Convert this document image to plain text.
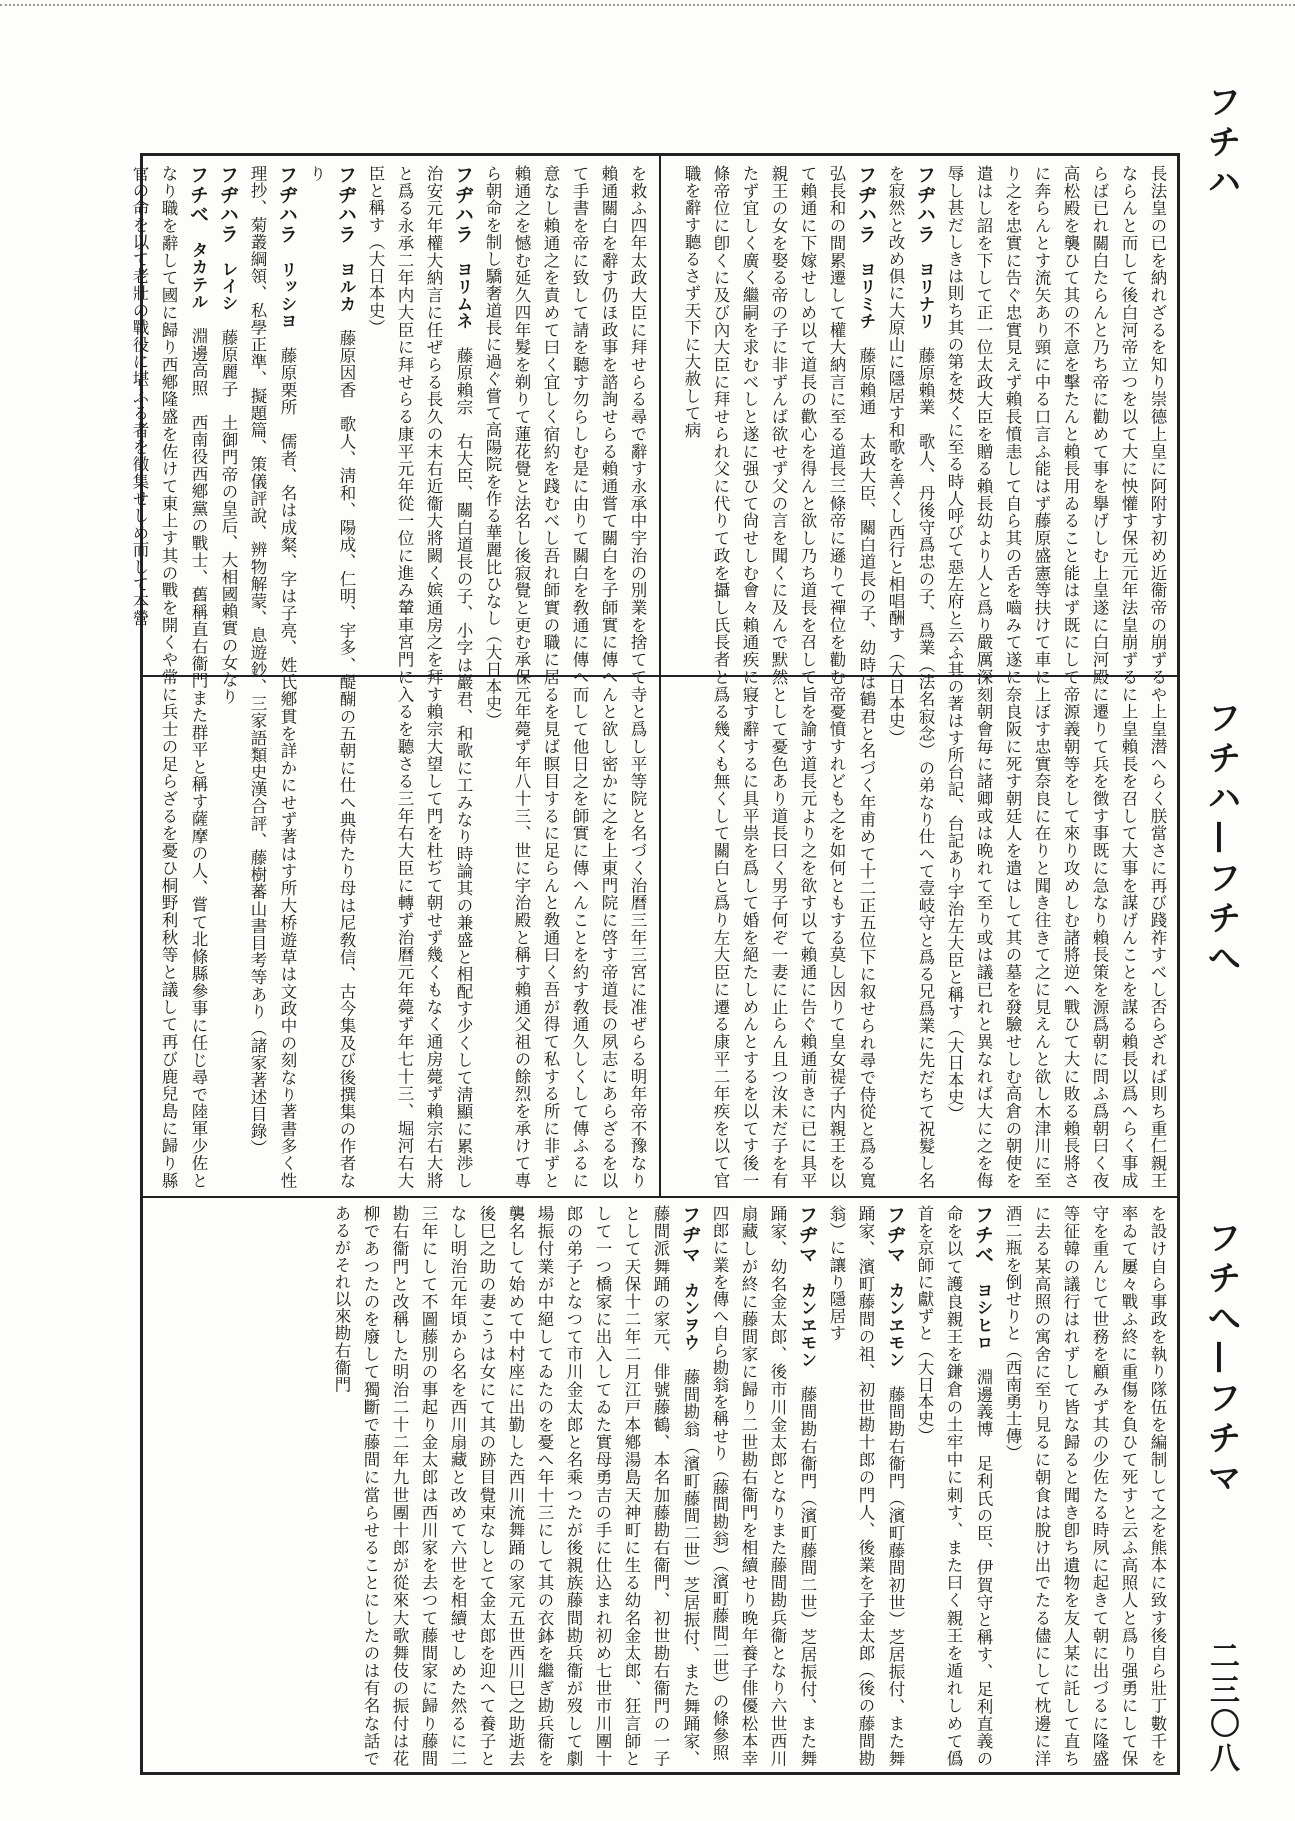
フチハ
フチハ—フチへ
フチへ—フチマ
二三〇八

長法皇の已を納れざるを知り崇德上皇に阿附す初め近衞帝の崩ずるや上皇潜へらく朕當さに再び踐祚すべし否らざれば則ち重仁親王ならんと而して後白河帝立つを以て大に怏懽す保元元年法皇崩ずるに上皇賴長を召して大事を謀げんことを謀る賴長以爲へらく事成らば已れ關白たらんと乃ち帝に勸めて事を擧げしむ上皇遂に白河殿に遷りて兵を徴す事既に急なり賴長策を源爲朝に問ふ爲朝曰く夜高松殿を襲ひて其の不意を擊たんと賴長用ゐること能はず既にして帝源義朝等をして來り攻めしむ諸將逆へ戰ひて大に敗る賴長將さに奔らんとす流矢あり頸に中る口言ふ能はず藤原盛憲等扶けて車に上ぼす忠實奈良に在りと聞き往きて之に見えんと欲し木津川に至り之を忠實に告ぐ忠實見えず賴長憤恚して自ら其の舌を嚙みて遂に奈良阪に死す朝廷人を遣はして其の墓を發驗せしむ高倉の朝使を遣はし詔を下して正一位太政大臣を贈る賴長幼より人と爲り嚴厲深刻朝會毎に諸卿或は晩れて至り或は議已れと異なれば大に之を侮辱し甚だしきは則ち其の第を焚くに至る時人呼びて惡左府と云ふ其の著はす所台記、台記あり宇治左大臣と稱す（大日本史）

フヂハラ　ヨリナリ　藤原賴業　歌人、丹後守爲忠の子、爲業（法名寂念）の弟なり仕へて壹岐守と爲る兄爲業に先だちて祝髮し名を寂然と改め俱に大原山に隱居す和歌を善くし西行と相唱酬す（大日本史）

フヂハラ　ヨリミチ　藤原賴通　太政大臣、關白道長の子、幼時は鶴君と名づく年甫めて十二正五位下に叙せられ尋で侍從と爲る寬弘長和の間累遷して權大納言に至る道長三條帝に遜りて禪位を勸む帝憂憤すれども之を如何ともする莫し因りて皇女禔子内親王を以て賴通に下嫁せしめ以て道長の歡心を得んと欲し乃ち道長を召して旨を諭す道長元より之を欲す以て賴通に告ぐ賴通前きに已に具平親王の女を娶る帝の子に非ずんば欲せず父の言を聞くに及んで默然として憂色あり道長曰く男子何ぞ一妻に止らん且つ汝未だ子を有たず宜しく廣く繼嗣を求むべしと遂に强ひて尙せしむ會々賴通疾に寢す辭するに具平祟を爲して婚を絕たしめんとするを以てす後一條帝位に卽くに及び內大臣に拜せられ父に代りて政を攝し氏長者と爲る幾くも無くして關白と爲り左大臣に遷る康平二年疾を以て官職を辭す聽るさず天下に大赦して病

を救ふ四年太政大臣に拜せらる尋で辭す永承中宇治の別業を捨てて寺と爲し平等院と名づく治曆三年三宮に准ぜらる明年帝不豫なり賴通關白を辭す仍ほ政事を諮詢せらる賴通嘗て關白を子師實に傳へんと欲し密かに之を上東門院に啓す帝道長の夙志にあらざるを以て手書を帝に致して請を聽す勿らしむ是に由りて關白を敎通に傳へ而して他日之を師實に傳へんことを約す敎通久しくして傳ふるに意なし賴通之を責めて曰く宜しく宿約を踐むべし吾れ師實の職に居るを見ば瞑目するに足らんと敎通曰く吾が得て私する所に非ずと賴通之を憾む延久四年髮を剃りて蓮花覺と法名し後寂覺と更む承保元年薨ず年八十三、世に宇治殿と稱す賴通父祖の餘烈を承けて專ら朝命を制し驕奢道長に過ぐ嘗て高陽院を作る華麗比ひなし（大日本史）

フヂハラ　ヨリムネ　藤原賴宗　右大臣、關白道長の子、小字は巖君、和歌に工みなり時論其の兼盛と相配す少くして淸顯に累渉し治安元年權大納言に任ぜらる長久の末右近衞大將闕く嫔通房之を拜す賴宗大望して門を杜ぢて朝せず幾くもなく通房薨ず賴宗右大將と爲る永承二年内大臣に拜せらる康平元年從一位に進み輦車宮門に入るを聽さる三年右大臣に轉ず治曆元年薨ず年七十三、堀河右大臣と稱す（大日本史）

フヂハラ　ヨルカ　藤原因香　歌人、淸和、陽成、仁明、宇多、醍醐の五朝に仕へ典侍たり母は尼敎信、古今集及び後撰集の作者なり

フヂハラ　リッシヨ　藤原栗所　儒者、名は成粲、字は子亮、姓氏鄕貫を詳かにせず著はす所大桥遊草は文政中の刻なり著書多く性理抄、菊叢綱領、私學正準、擬題篇、策儀評說、辨物解蒙、息遊鈔、三家語類史漢合評、藤樹蕃山書目考等あり（諸家著述目錄）

フヂハラ　レイシ　藤原麗子　土御門帝の皇后、大相國賴實の女なり

フチべ　タカテル　淵邊高照　西南役西鄕黨の戰士、舊稱直右衞門また群平と稱す薩摩の人、嘗て北條縣參事に任じ尋で陸軍少佐となり職を辭して國に歸り西鄕隆盛を佐けて東上す其の戰を開くや常に兵士の足らざるを憂ひ桐野利秋等と議して再び鹿兒島に歸り縣官の命を以て老壯の戰役に堪ふる者を徵集せしめ而して本營

を設け自ら事政を執り隊伍を編制して之を熊本に致す後自ら壯丁數千を率ゐて屢々戰ふ終に重傷を負ひて死すと云ふ高照人と爲り强勇にして保守を重んじて世務を顧みず其の少佐たる時夙に起きて朝に出づるに隆盛等征韓の議行はれずして皆な歸ると聞き卽ち遺物を友人某に託して直ちに去る某高照の寓舍に至り見るに朝食は脫け出でたる儘にして枕邊に洋酒二瓶を倒せりと（西南勇士傳）

フチべ　ヨシヒロ　淵邊義博　足利氏の臣、伊賀守と稱す、足利直義の命を以て護良親王を鎌倉の土牢中に刺す、また曰く親王を遁れしめて僞首を京師に獻ずと（大日本史）

フヂマ　カンヱモン　藤間勘右衞門（濱町藤間初世）芝居振付、また舞踊家、濱町藤間の祖、初世勘十郎の門人、後業を子金太郎（後の藤間勘翁）に讓り隱居す

フヂマ　カンヱモン　藤間勘右衞門（濱町藤間二世）芝居振付、また舞踊家、幼名金太郎、後市川金太郎となりまた藤間勘兵衞となり六世西川扇藏しが終に藤間家に歸り二世勘右衞門を相續せり晚年養子俳優松本幸四郎に業を傳へ自ら勘翁を稱せり（藤間勘翁）（濱町藤間二世）の條參照

フヂマ　カンヲウ　藤間勘翁（濱町藤間二世）芝居振付、また舞踊家、藤間派舞踊の家元、俳號藤鶴、本名加藤勘右衞門、初世勘右衞門の一子として天保十二年二月江戸本鄕湯島天神町に生る幼名金太郎、狂言師として一つ橋家に出入してゐた實母勇吉の手に仕込まれ初め七世市川團十郎の弟子となつて市川金太郎と名乘つたが後親族藤間勘兵衞が歿して劇場振付業が中絕してゐたのを憂へ年十三にして其の衣鉢を繼ぎ勘兵衞を襲名して始めて中村座に出勤した西川流舞踊の家元五世西川巳之助逝去後巳之助の妻こうは女にて其の跡目覺束なしとて金太郎を迎へて養子となし明治元年頃から名を西川扇藏と改めて六世を相續せしめた然るに二三年にして不圖藤別の事起り金太郎は西川家を去つて藤間家に歸り藤間勘右衞門と改稱した明治二十二年九世團十郎が從來大歌舞伎の振付は花柳であつたのを廢して獨斷で藤間に當らせることにしたのは有名な話であるがそれ以來勘右衞門
